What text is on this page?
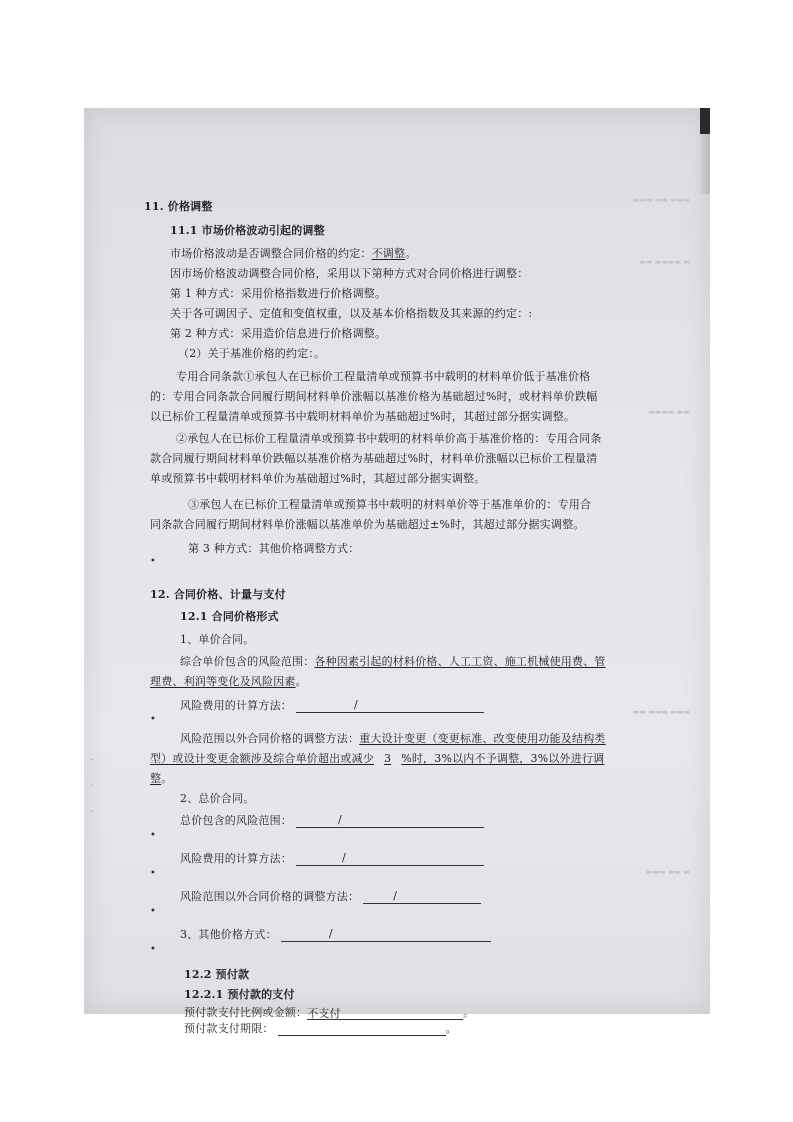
·
·
·
▬▬▬ ▬▬ ▬▬▬
▬▬ ▬▬▬▬ ▬
▬▬▬▬ ▬▬
▬▬ ▬▬▬ ▬▬▬
▬▬▬ ▬▬ ▬
11. 价格调整
11.1 市场价格波动引起的调整
市场价格波动是否调整合同价格的约定：不调整。
因市场价格波动调整合同价格，采用以下第种方式对合同价格进行调整：
第 1 种方式：采用价格指数进行价格调整。
关于各可调因子、定值和变值权重，以及基本价格指数及其来源的约定：:
第 2 种方式：采用造价信息进行价格调整。
（2）关于基准价格的约定：。
专用合同条款①承包人在已标价工程量清单或预算书中载明的材料单价低于基准价格
的：专用合同条款合同履行期间材料单价涨幅以基准价格为基础超过%时，或材料单价跌幅
以已标价工程量清单或预算书中载明材料单价为基础超过%时，其超过部分据实调整。
②承包人在已标价工程量清单或预算书中载明的材料单价高于基准价格的：专用合同条
款合同履行期间材料单价跌幅以基准价格为基础超过%时，材料单价涨幅以已标价工程量清
单或预算书中载明材料单价为基础超过%时，其超过部分据实调整。
③承包人在已标价工程量清单或预算书中载明的材料单价等于基准单价的：专用合
同条款合同履行期间材料单价涨幅以基准单价为基础超过±%时，其超过部分据实调整。
第 3 种方式：其他价格调整方式：
•
12. 合同价格、计量与支付
12.1 合同价格形式
1、单价合同。
综合单价包含的风险范围：各种因素引起的材料价格、人工工资、施工机械使用费、管
理费、利润等变化及风险因素。
风险费用的计算方法：	/
•
风险范围以外合同价格的调整方法：重大设计变更（变更标准、改变使用功能及结构类
型）或设计变更金额涉及综合单价超出或减少 3 %时，3%以内不予调整，3%以外进行调
整。
2、总价合同。
总价包含的风险范围：	/
•
风险费用的计算方法：	/
•
风险范围以外合同价格的调整方法：	/
•
3、其他价格方式：	/
•
12.2 预付款
12.2.1 预付款的支付
预付款支付比例或金额： 不支付	。
预付款支付期限：	。
